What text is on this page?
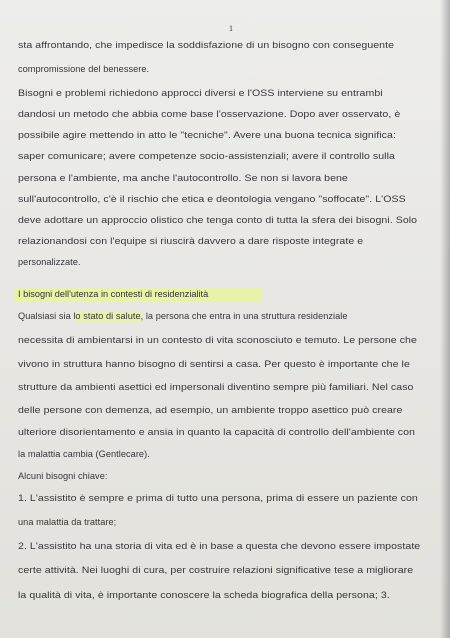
1
sta affrontando, che impedisce la soddisfazione di un bisogno con conseguente
compromissione del benessere.
Bisogni e problemi richiedono approcci diversi e l'OSS interviene su entrambi
dandosi un metodo che abbia come base l'osservazione. Dopo aver osservato, è
possibile agire mettendo in atto le "tecniche". Avere una buona tecnica significa:
saper comunicare; avere competenze socio-assistenziali; avere il controllo sulla
persona e l'ambiente, ma anche l'autocontrollo. Se non si lavora bene
sull'autocontrollo, c'è il rischio che etica e deontologia vengano "soffocate". L'OSS
deve adottare un approccio olistico che tenga conto di tutta la sfera dei bisogni. Solo
relazionandosi con l'equipe si riuscirà davvero a dare risposte integrate e
personalizzate.
I bisogni dell'utenza in contesti di residenzialità
Qualsiasi sia lo stato di salute, la persona che entra in una struttura residenziale
necessita di ambientarsi in un contesto di vita sconosciuto e temuto. Le persone che
vivono in struttura hanno bisogno di sentirsi a casa. Per questo è importante che le
strutture da ambienti asettici ed impersonali diventino sempre più familiari. Nel caso
delle persone con demenza, ad esempio, un ambiente troppo asettico può creare
ulteriore disorientamento e ansia in quanto la capacità di controllo dell'ambiente con
la malattia cambia (Gentlecare).
Alcuni bisogni chiave:
1. L'assistito è sempre e prima di tutto una persona, prima di essere un paziente con
una malattia da trattare;
2. L'assistito ha una storia di vita ed è in base a questa che devono essere impostate
certe attività. Nei luoghi di cura, per costruire relazioni significative tese a migliorare
la qualità di vita, è importante conoscere la scheda biografica della persona; 3.
